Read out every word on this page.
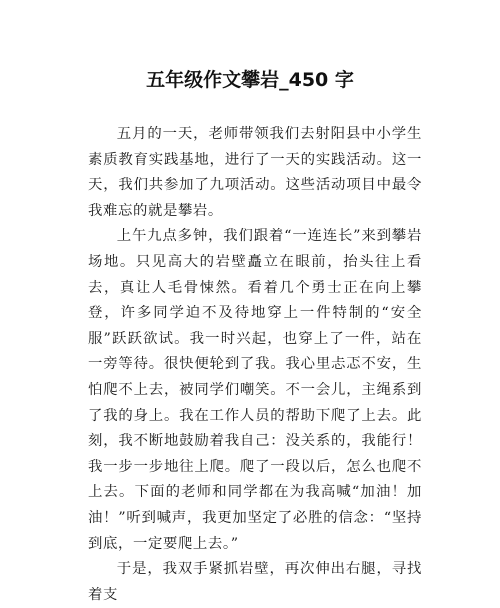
五年级作文攀岩_450 字

五月的一天，老师带领我们去射阳县中小学生素质教育实践基地，进行了一天的实践活动。这一天，我们共参加了九项活动。这些活动项目中最令我难忘的就是攀岩。

上午九点多钟，我们跟着“一连连长”来到攀岩场地。只见高大的岩壁矗立在眼前，抬头往上看去，真让人毛骨悚然。看着几个勇士正在向上攀登，许多同学迫不及待地穿上一件特制的“安全服”跃跃欲试。我一时兴起，也穿上了一件，站在一旁等待。很快便轮到了我。我心里忐忑不安，生怕爬不上去，被同学们嘲笑。不一会儿，主绳系到了我的身上。我在工作人员的帮助下爬了上去。此刻，我不断地鼓励着我自己：没关系的，我能行！我一步一步地往上爬。爬了一段以后，怎么也爬不上去。下面的老师和同学都在为我高喊“加油！加油！”听到喊声，我更加坚定了必胜的信念：“坚持到底，一定要爬上去。”

于是，我双手紧抓岩壁，再次伸出右腿，寻找着支
